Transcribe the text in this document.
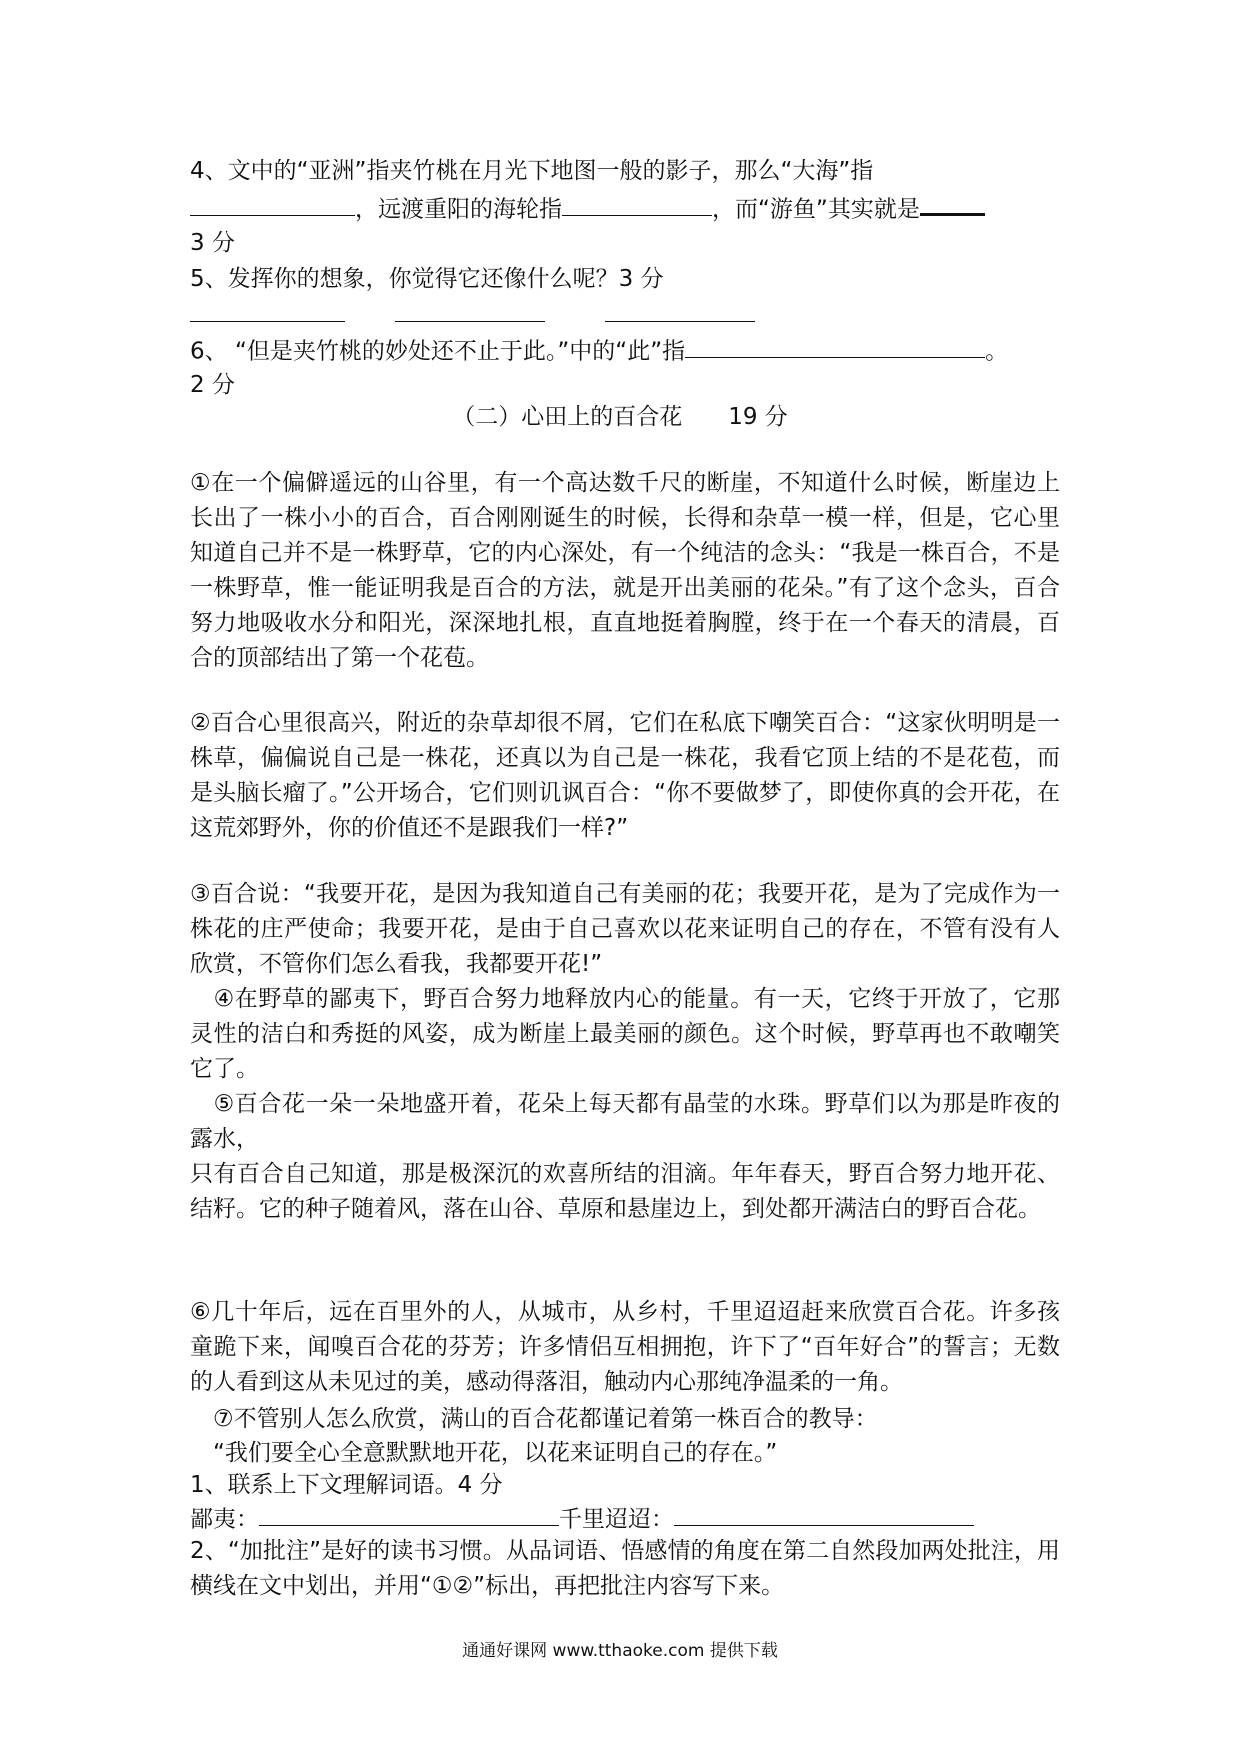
4、文中的“亚洲”指夹竹桃在月光下地图一般的影子，那么“大海”指
，远渡重阳的海轮指	，而“游鱼”其实就是
3 分
5、发挥你的想象，你觉得它还像什么呢？3 分
6、 “但是夹竹桃的妙处还不止于此。”中的“此”指	。
2 分
（二）心田上的百合花　　19 分
①在一个偏僻遥远的山谷里，有一个高达数千尺的断崖，不知道什么时候，断崖边上长出了一株小小的百合，百合刚刚诞生的时候，长得和杂草一模一样，但是，它心里知道自己并不是一株野草，它的内心深处，有一个纯洁的念头：“我是一株百合，不是一株野草，惟一能证明我是百合的方法，就是开出美丽的花朵。”有了这个念头，百合努力地吸收水分和阳光，深深地扎根，直直地挺着胸膛，终于在一个春天的清晨，百合的顶部结出了第一个花苞。
②百合心里很高兴，附近的杂草却很不屑，它们在私底下嘲笑百合：“这家伙明明是一株草，偏偏说自己是一株花，还真以为自己是一株花，我看它顶上结的不是花苞，而是头脑长瘤了。”公开场合，它们则讥讽百合：“你不要做梦了，即使你真的会开花，在这荒郊野外，你的价值还不是跟我们一样?”
③百合说：“我要开花，是因为我知道自己有美丽的花；我要开花，是为了完成作为一株花的庄严使命；我要开花，是由于自己喜欢以花来证明自己的存在，不管有没有人欣赏，不管你们怎么看我，我都要开花!”
　④在野草的鄙夷下，野百合努力地释放内心的能量。有一天，它终于开放了，它那灵性的洁白和秀挺的风姿，成为断崖上最美丽的颜色。这个时候，野草再也不敢嘲笑它了。
　⑤百合花一朵一朵地盛开着，花朵上每天都有晶莹的水珠。野草们以为那是昨夜的露水，
只有百合自己知道，那是极深沉的欢喜所结的泪滴。年年春天，野百合努力地开花、结籽。它的种子随着风，落在山谷、草原和悬崖边上，到处都开满洁白的野百合花。
⑥几十年后，远在百里外的人，从城市，从乡村，千里迢迢赶来欣赏百合花。许多孩童跪下来，闻嗅百合花的芬芳；许多情侣互相拥抱，许下了“百年好合”的誓言；无数的人看到这从未见过的美，感动得落泪，触动内心那纯净温柔的一角。
　⑦不管别人怎么欣赏，满山的百合花都谨记着第一株百合的教导：
　“我们要全心全意默默地开花，以花来证明自己的存在。”
1、联系上下文理解词语。4 分
鄙夷：	千里迢迢：
2、“加批注”是好的读书习惯。从品词语、悟感情的角度在第二自然段加两处批注，用横线在文中划出，并用“①②”标出，再把批注内容写下来。
通通好课网 www.tthaoke.com 提供下载
